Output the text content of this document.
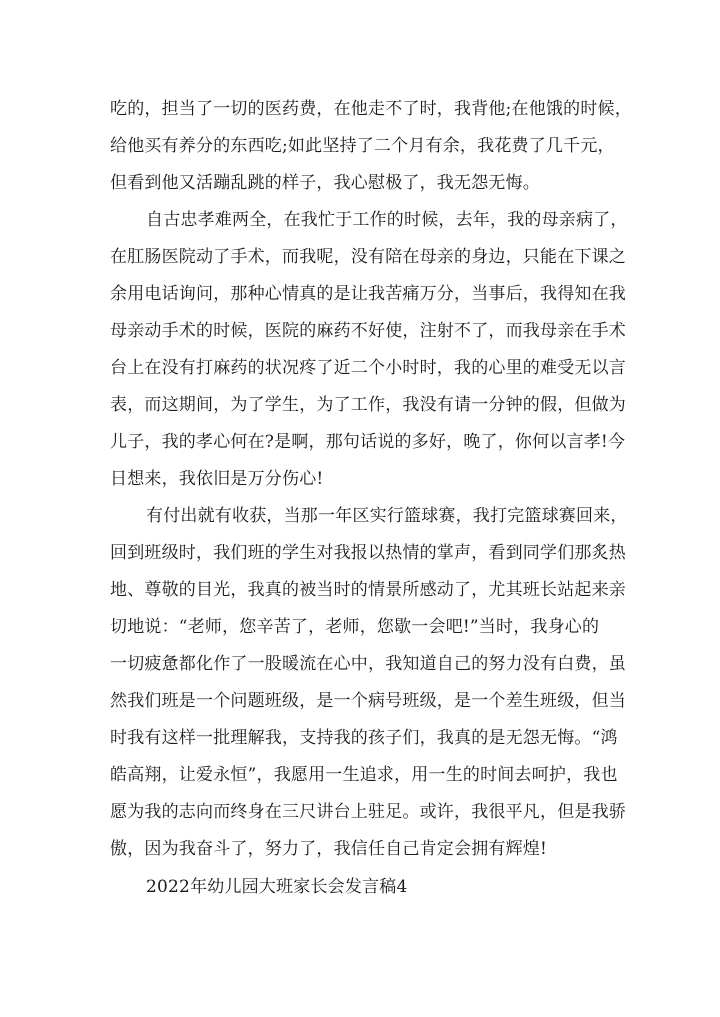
吃的，担当了一切的医药费，在他走不了时，我背他;在他饿的时候，
给他买有养分的东西吃;如此坚持了二个月有余，我花费了几千元，
但看到他又活蹦乱跳的样子，我心慰极了，我无怨无悔。
自古忠孝难两全，在我忙于工作的时候，去年，我的母亲病了，
在肛肠医院动了手术，而我呢，没有陪在母亲的身边，只能在下课之
余用电话询问，那种心情真的是让我苦痛万分，当事后，我得知在我
母亲动手术的时候，医院的麻药不好使，注射不了，而我母亲在手术
台上在没有打麻药的状况疼了近二个小时时，我的心里的难受无以言
表，而这期间，为了学生，为了工作，我没有请一分钟的假，但做为
儿子，我的孝心何在?是啊，那句话说的多好，晚了，你何以言孝!今
日想来，我依旧是万分伤心!
有付出就有收获，当那一年区实行篮球赛，我打完篮球赛回来，
回到班级时，我们班的学生对我报以热情的掌声，看到同学们那炙热
地、尊敬的目光，我真的被当时的情景所感动了，尤其班长站起来亲
切地说：“老师，您辛苦了，老师，您歇一会吧!”当时，我身心的
一切疲惫都化作了一股暖流在心中，我知道自己的努力没有白费，虽
然我们班是一个问题班级，是一个病号班级，是一个差生班级，但当
时我有这样一批理解我，支持我的孩子们，我真的是无怨无悔。“鸿
皓高翔，让爱永恒”，我愿用一生追求，用一生的时间去呵护，我也
愿为我的志向而终身在三尺讲台上驻足。或许，我很平凡，但是我骄
傲，因为我奋斗了，努力了，我信任自己肯定会拥有辉煌!
2022年幼儿园大班家长会发言稿4
